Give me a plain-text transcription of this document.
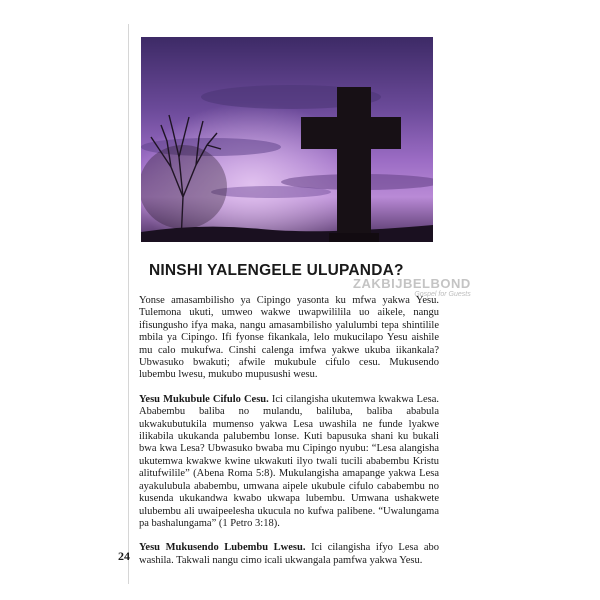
NINSHI YALENGELE ULUPANDA?
ZAKBIJBELBOND
Gospel for Guests

Yonse amasambilisho ya Cipingo yasonta ku mfwa yakwa Yesu. Tulemona ukuti, umweo wakwe uwapwililila uo aikele, nangu ifisungusho ifya maka, nangu amasambilisho yalulumbi tepa shintilile mbila ya Cipingo. Ifi fyonse fikankala, lelo mukucilapo Yesu aishile mu calo mukufwa. Cinshi calenga imfwa yakwe ukuba iikankala? Ubwasuko bwakuti; afwile mukubule cifulo cesu. Mukusendo lubembu lwesu, mukubo mupusushi wesu.

Yesu Mukubule Cifulo Cesu. Ici cilangisha ukutemwa kwakwa Lesa. Ababembu baliba no mulandu, baliluba, baliba ababula ukwakubutukila mumenso yakwa Lesa uwashila ne funde lyakwe ilikabila ukukanda palubembu lonse. Kuti bapusuka shani ku bukali bwa kwa Lesa? Ubwasuko bwaba mu Cipingo nyubu: “Lesa alangisha ukutemwa kwakwe kwine ukwakuti ilyo twali tucili ababembu Kristu alitufwilile” (Abena Roma 5:8). Mukulangisha amapange yakwa Lesa ayakulubula ababembu, umwana aipele ukubule cifulo cababembu no kusenda ukukandwa kwabo ukwapa lubembu. Umwana ushakwete ulubembu ali uwaipeelesha ukucula no kufwa palibene. “Uwalungama pa bashalungama” (1 Petro 3:18).

Yesu Mukusendo Lubembu Lwesu. Ici cilangisha ifyo Lesa abo washila. Takwali nangu cimo icali ukwangala pamfwa yakwa Yesu.

24
